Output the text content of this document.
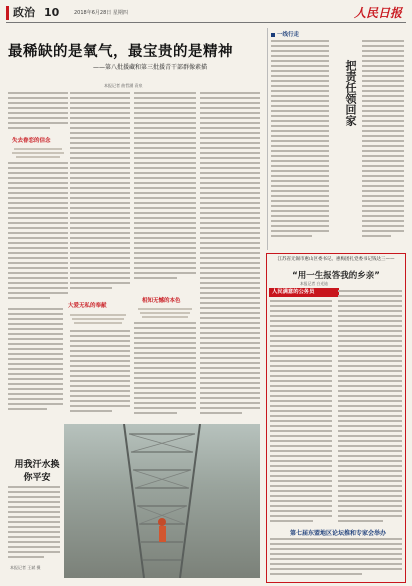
政治 10	2018年6月28日 星期四	人民日报
最稀缺的是氧气，最宝贵的是精神
——第八批援藏和第三批援青干部群像素描
本报记者 曲哲涵 袁泉
失去眷恋的信念
大爱无私的奉献
相知无憾的本色
一线行走
把责任领回家
江苏省无锡市惠山区委书记、惠梅团扎党委书记钱达三——
“用一生报答我的乡亲”
本报记者 白光迪
人民满意的公务员
第七届东盟地区论坛推和专家会举办
用我汗水换你平安
本报记者 王斌 摄
